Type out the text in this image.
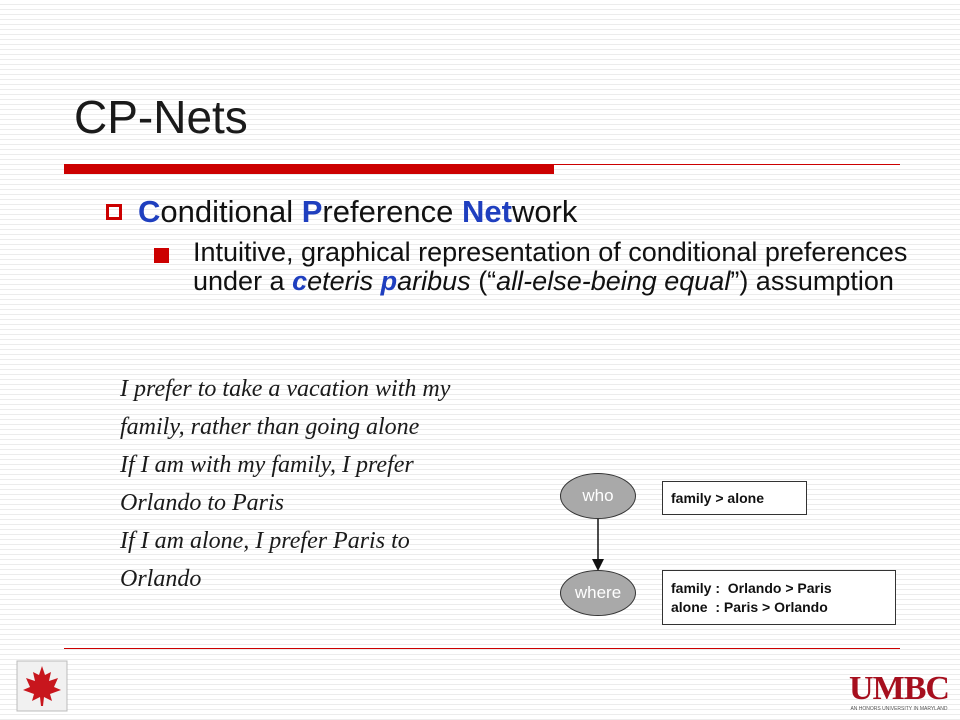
CP-Nets
Conditional Preference Network
Intuitive, graphical representation of conditional preferences under a ceteris paribus (“all-else-being equal”) assumption
I prefer to take a vacation with my
family, rather than going alone
If I am with my family, I prefer
Orlando to Paris
If I am alone, I prefer Paris to
Orlando
who
where
family > alone
family :  Orlando > Paris
alone  : Paris > Orlando
UMBC
AN HONORS UNIVERSITY IN MARYLAND
